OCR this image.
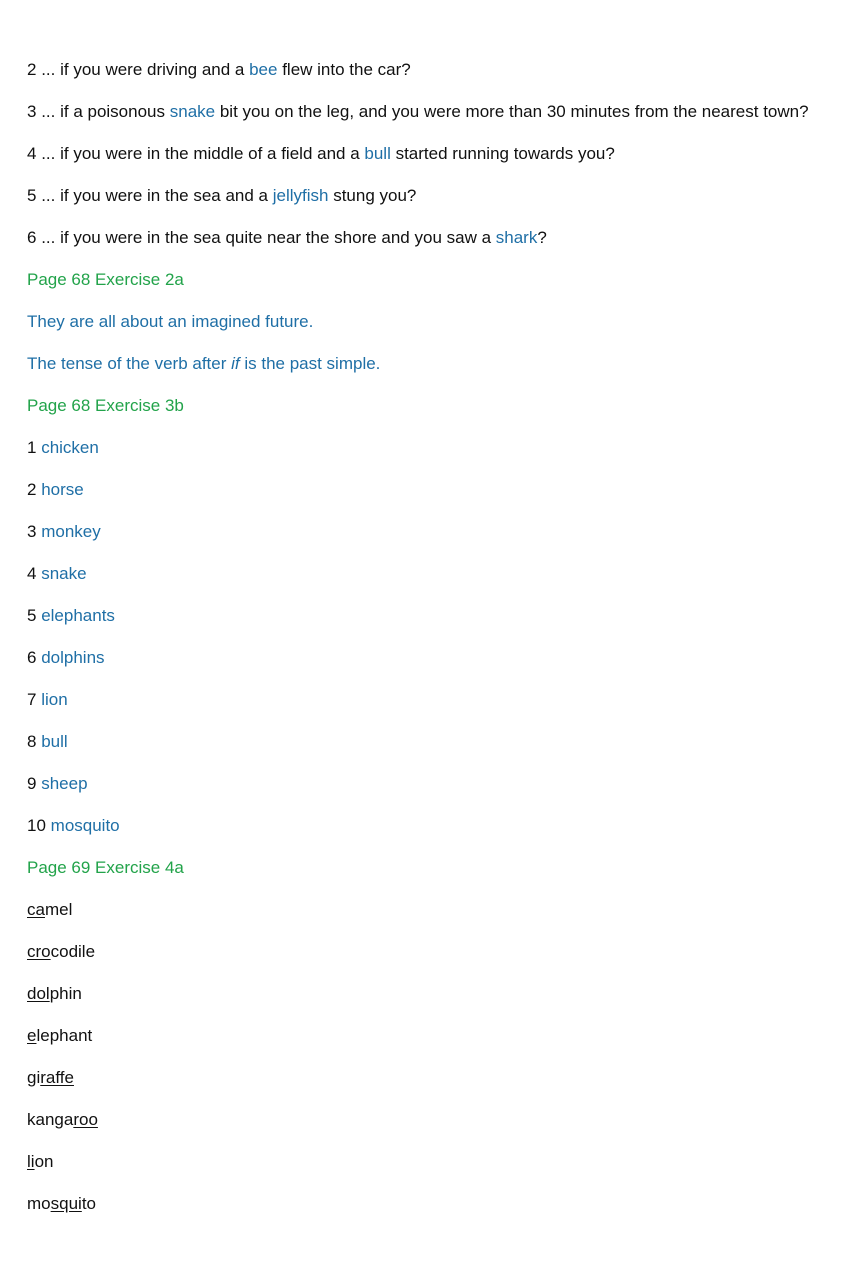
2 ... if you were driving and a bee flew into the car?

3 ... if a poisonous snake bit you on the leg, and you were more than 30 minutes from the nearest town?

4 ... if you were in the middle of a field and a bull started running towards you?

5 ... if you were in the sea and a jellyfish stung you?

6 ... if you were in the sea quite near the shore and you saw a shark?

Page 68 Exercise 2a

They are all about an imagined future.

The tense of the verb after if is the past simple.

Page 68 Exercise 3b

1 chicken

2 horse

3 monkey

4 snake

5 elephants

6 dolphins

7 lion

8 bull

9 sheep

10 mosquito

Page 69 Exercise 4a

camel

crocodile

dolphin

elephant

giraffe

kangaroo

lion

mosquito
